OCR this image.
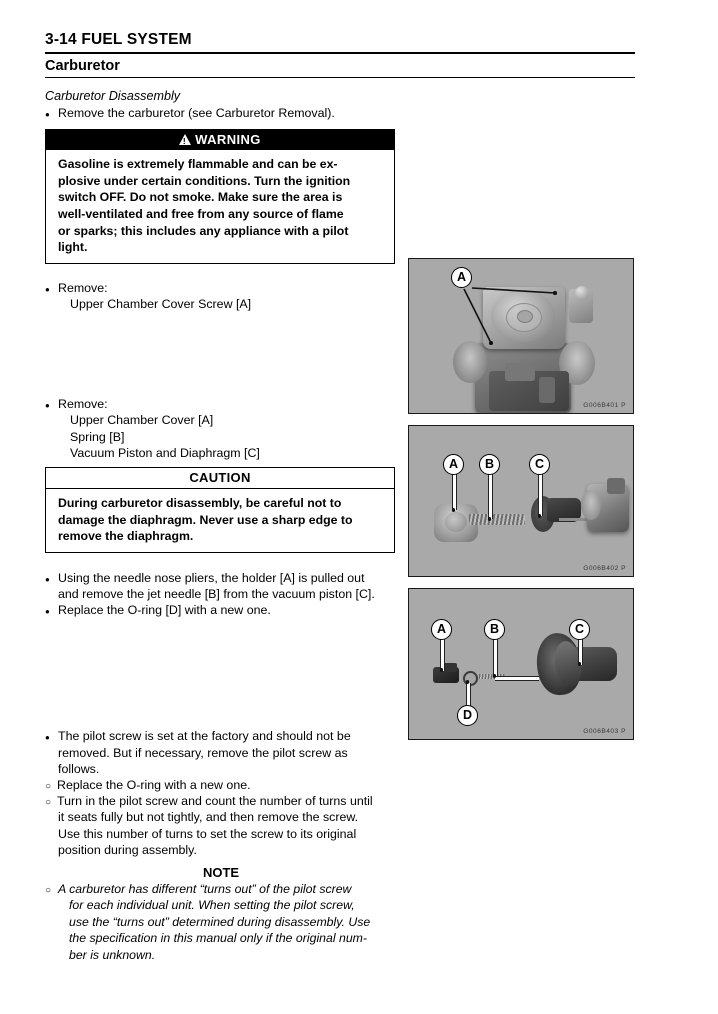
3-14 FUEL SYSTEM
Carburetor
Carburetor Disassembly
●
Remove the carburetor (see Carburetor Removal).
!WARNING
Gasoline is extremely flammable and can be ex-
plosive under certain conditions. Turn the ignition
switch OFF. Do not smoke. Make sure the area is
well-ventilated and free from any source of flame
or sparks; this includes any appliance with a pilot
light.
●
Remove:
Upper Chamber Cover Screw [A]
●
Remove:
Upper Chamber Cover [A]
Spring [B]
Vacuum Piston and Diaphragm [C]
CAUTION
During carburetor disassembly, be careful not to
damage the diaphragm. Never use a sharp edge to
remove the diaphragm.
●
Using the needle nose pliers, the holder [A] is pulled out
and remove the jet needle [B] from the vacuum piston [C].
●
Replace the O-ring [D] with a new one.
●
The pilot screw is set at the factory and should not be
removed. But if necessary, remove the pilot screw as
follows.
○
Replace the O-ring with a new one.
○
Turn in the pilot screw and count the number of turns until
it seats fully but not tightly, and then remove the screw.
Use this number of turns to set the screw to its original
position during assembly.
NOTE
○
A carburetor has different “turns out” of the pilot screw
for each individual unit. When setting the pilot screw,
use the “turns out” determined during disassembly. Use
the specification in this manual only if the original num-
ber is unknown.
A
G006B401 P
A	B	C
G006B402 P
A	B	C
D
G006B403 P
